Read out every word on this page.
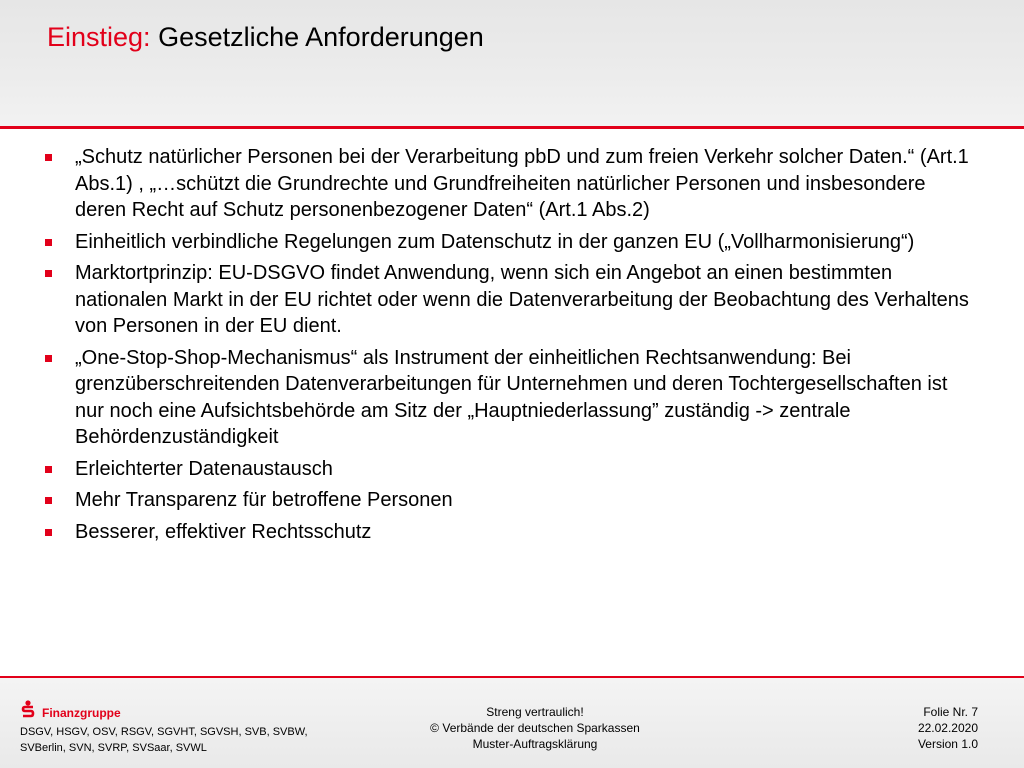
Einstieg: Gesetzliche Anforderungen
„Schutz natürlicher Personen bei der Verarbeitung pbD und zum freien Verkehr solcher Daten.“ (Art.1 Abs.1) , „…schützt die Grundrechte und Grundfreiheiten natürlicher Personen und insbesondere deren Recht auf Schutz personenbezogener Daten“ (Art.1 Abs.2)
Einheitlich verbindliche Regelungen zum Datenschutz in der ganzen EU („Vollharmonisierung“)
Marktortprinzip: EU-DSGVO findet Anwendung, wenn sich ein Angebot an einen bestimmten nationalen Markt in der EU richtet oder wenn die Datenverarbeitung der Beobachtung des Verhaltens von Personen in der EU dient.
„One-Stop-Shop-Mechanismus“ als Instrument der einheitlichen Rechtsanwendung: Bei grenzüberschreitenden Datenverarbeitungen für Unternehmen und deren Tochtergesellschaften ist nur noch eine Aufsichtsbehörde am Sitz der „Hauptniederlassung” zuständig -> zentrale Behördenzuständigkeit
Erleichterter Datenaustausch
Mehr Transparenz für betroffene Personen
Besserer, effektiver Rechtsschutz
Finanzgruppe
DSGV, HSGV, OSV, RSGV, SGVHT, SGVSH, SVB, SVBW, SVBerlin, SVN, SVRP, SVSaar, SVWL
Streng vertraulich!
© Verbände der deutschen Sparkassen
Muster-Auftragsklärung
Folie Nr. 7
22.02.2020
Version 1.0
